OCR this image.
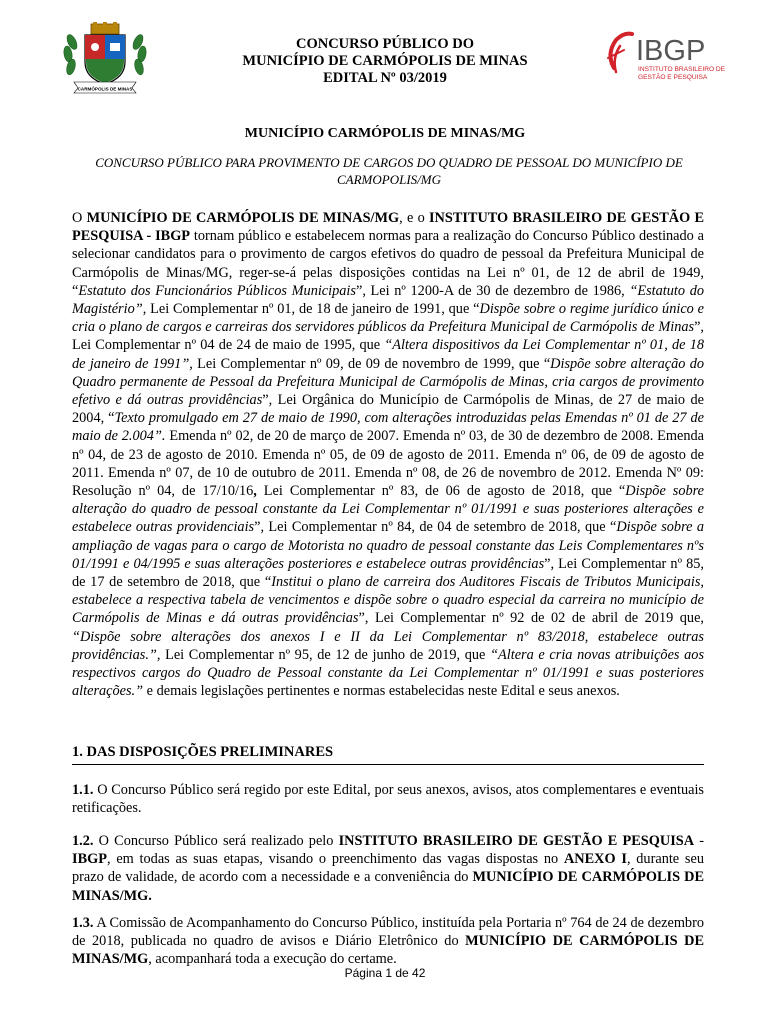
CARMÓPOLIS DE MINAS
CONCURSO PÚBLICO DO
MUNICÍPIO DE CARMÓPOLIS DE MINAS
EDITAL Nº 03/2019
IBGP
INSTITUTO BRASILEIRO DE
GESTÃO E PESQUISA
MUNICÍPIO CARMÓPOLIS DE MINAS/MG
CONCURSO PÚBLICO PARA PROVIMENTO DE CARGOS DO QUADRO DE PESSOAL DO MUNICÍPIO DE CARMOPOLIS/MG
O MUNICÍPIO DE CARMÓPOLIS DE MINAS/MG, e o INSTITUTO BRASILEIRO DE GESTÃO E PESQUISA - IBGP tornam público e estabelecem normas para a realização do Concurso Público destinado a selecionar candidatos para o provimento de cargos efetivos do quadro de pessoal da Prefeitura Municipal de Carmópolis de Minas/MG, reger-se-á pelas disposições contidas na Lei nº 01, de 12 de abril de 1949, “Estatuto dos Funcionários Públicos Municipais”, Lei nº 1200-A de 30 de dezembro de 1986, “Estatuto do Magistério”, Lei Complementar nº 01, de 18 de janeiro de 1991, que “Dispõe sobre o regime jurídico único e cria o plano de cargos e carreiras dos servidores públicos da Prefeitura Municipal de Carmópolis de Minas”, Lei Complementar nº 04 de 24 de maio de 1995, que “Altera dispositivos da Lei Complementar nº 01, de 18 de janeiro de 1991”, Lei Complementar nº 09, de 09 de novembro de 1999, que “Dispõe sobre alteração do Quadro permanente de Pessoal da Prefeitura Municipal de Carmópolis de Minas, cria cargos de provimento efetivo e dá outras providências”, Lei Orgânica do Município de Carmópolis de Minas, de 27 de maio de 2004, “Texto promulgado em 27 de maio de 1990, com alterações introduzidas pelas Emendas nº 01 de 27 de maio de 2.004”. Emenda nº 02, de 20 de março de 2007. Emenda nº 03, de 30 de dezembro de 2008. Emenda nº 04, de 23 de agosto de 2010. Emenda nº 05, de 09 de agosto de 2011. Emenda nº 06, de 09 de agosto de 2011. Emenda nº 07, de 10 de outubro de 2011. Emenda nº 08, de 26 de novembro de 2012. Emenda Nº 09: Resolução nº 04, de 17/10/16, Lei Complementar nº 83, de 06 de agosto de 2018, que “Dispõe sobre alteração do quadro de pessoal constante da Lei Complementar nº 01/1991 e suas posteriores alterações e estabelece outras providenciais”, Lei Complementar nº 84, de 04 de setembro de 2018, que “Dispõe sobre a ampliação de vagas para o cargo de Motorista no quadro de pessoal constante das Leis Complementares nºs 01/1991 e 04/1995 e suas alterações posteriores e estabelece outras providências”, Lei Complementar nº 85, de 17 de setembro de 2018, que “Institui o plano de carreira dos Auditores Fiscais de Tributos Municipais, estabelece a respectiva tabela de vencimentos e dispõe sobre o quadro especial da carreira no município de Carmópolis de Minas e dá outras providências”, Lei Complementar nº 92 de 02 de abril de 2019 que, “Dispõe sobre alterações dos anexos I e II da Lei Complementar nº 83/2018, estabelece outras providências.”, Lei Complementar nº 95, de 12 de junho de 2019, que “Altera e cria novas atribuições aos respectivos cargos do Quadro de Pessoal constante da Lei Complementar nº 01/1991 e suas posteriores alterações.” e demais legislações pertinentes e normas estabelecidas neste Edital e seus anexos.
1. DAS DISPOSIÇÕES PRELIMINARES
1.1. O Concurso Público será regido por este Edital, por seus anexos, avisos, atos complementares e eventuais retificações.
1.2. O Concurso Público será realizado pelo INSTITUTO BRASILEIRO DE GESTÃO E PESQUISA - IBGP, em todas as suas etapas, visando o preenchimento das vagas dispostas no ANEXO I, durante seu prazo de validade, de acordo com a necessidade e a conveniência do MUNICÍPIO DE CARMÓPOLIS DE MINAS/MG.
1.3. A Comissão de Acompanhamento do Concurso Público, instituída pela Portaria nº 764 de 24 de dezembro de 2018, publicada no quadro de avisos e Diário Eletrônico do MUNICÍPIO DE CARMÓPOLIS DE MINAS/MG, acompanhará toda a execução do certame.
Página 1 de 42
